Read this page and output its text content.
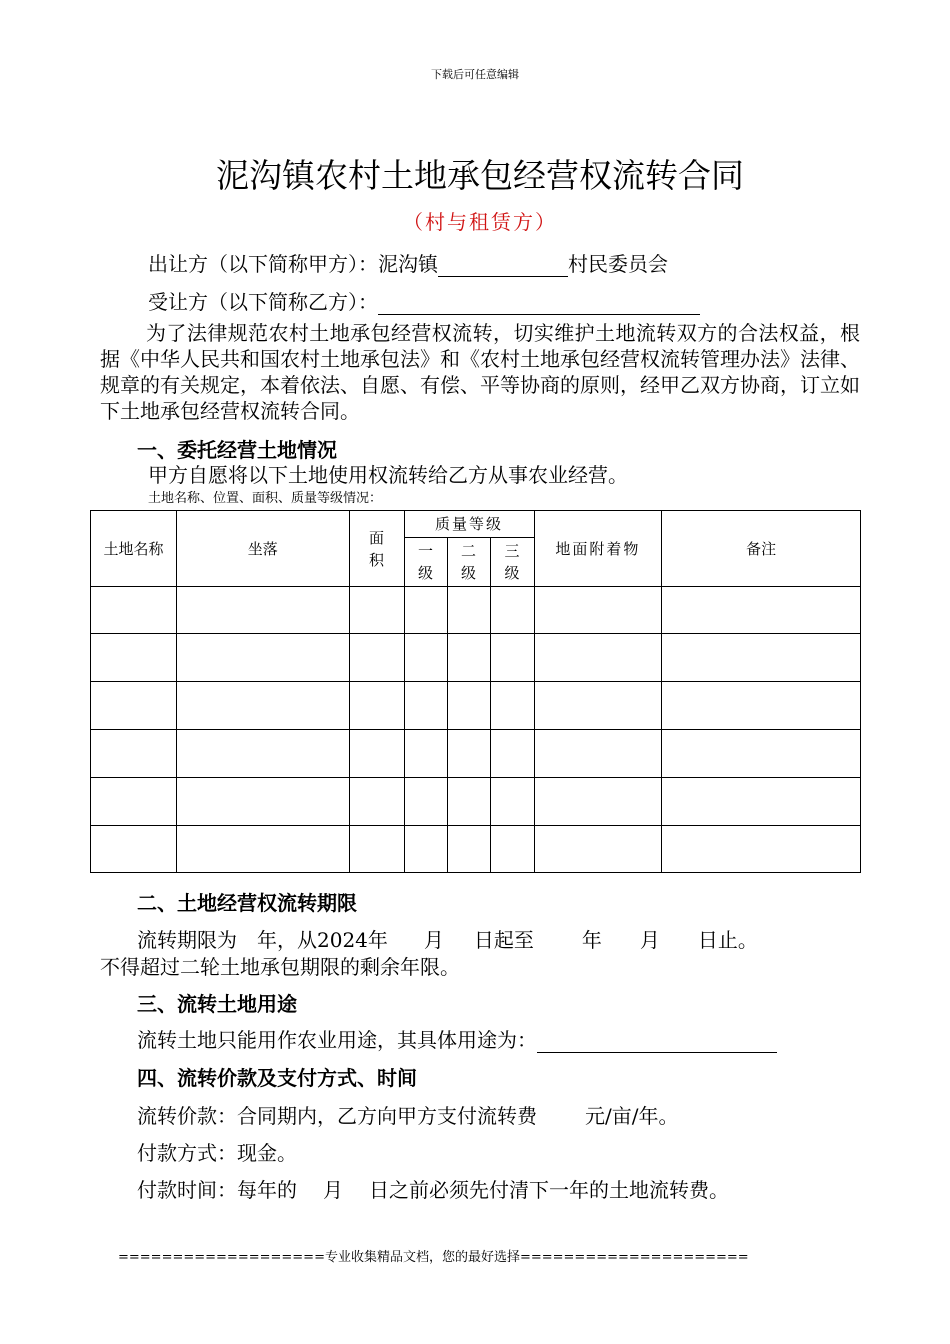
下载后可任意编辑
泥沟镇农村土地承包经营权流转合同
（村与租赁方）
出让方（以下简称甲方）：泥沟镇	村民委员会
受让方（以下简称乙方）：
为了法律规范农村土地承包经营权流转，切实维护土地流转双方的合法权益，根据《中华人民共和国农村土地承包法》和《农村土地承包经营权流转管理办法》法律、规章的有关规定，本着依法、自愿、有偿、平等协商的原则，经甲乙双方协商，订立如下土地承包经营权流转合同。
一、委托经营土地情况
甲方自愿将以下土地使用权流转给乙方从事农业经营。
土地名称、位置、面积、质量等级情况：
土地名称	坐落	面积	质量等级			地面附着物	备注
			一级	二级	三级		

二、土地经营权流转期限
流转期限为 年，从2024年 月 日起至 年 月 日止。
不得超过二轮土地承包期限的剩余年限。
三、流转土地用途
流转土地只能用作农业用途，其具体用途为：
四、流转价款及支付方式、时间
流转价款：合同期内，乙方向甲方支付流转费 元/亩/年。
付款方式：现金。
付款时间：每年的 月 日之前必须先付清下一年的土地流转费。
===================专业收集精品文档，您的最好选择=====================
